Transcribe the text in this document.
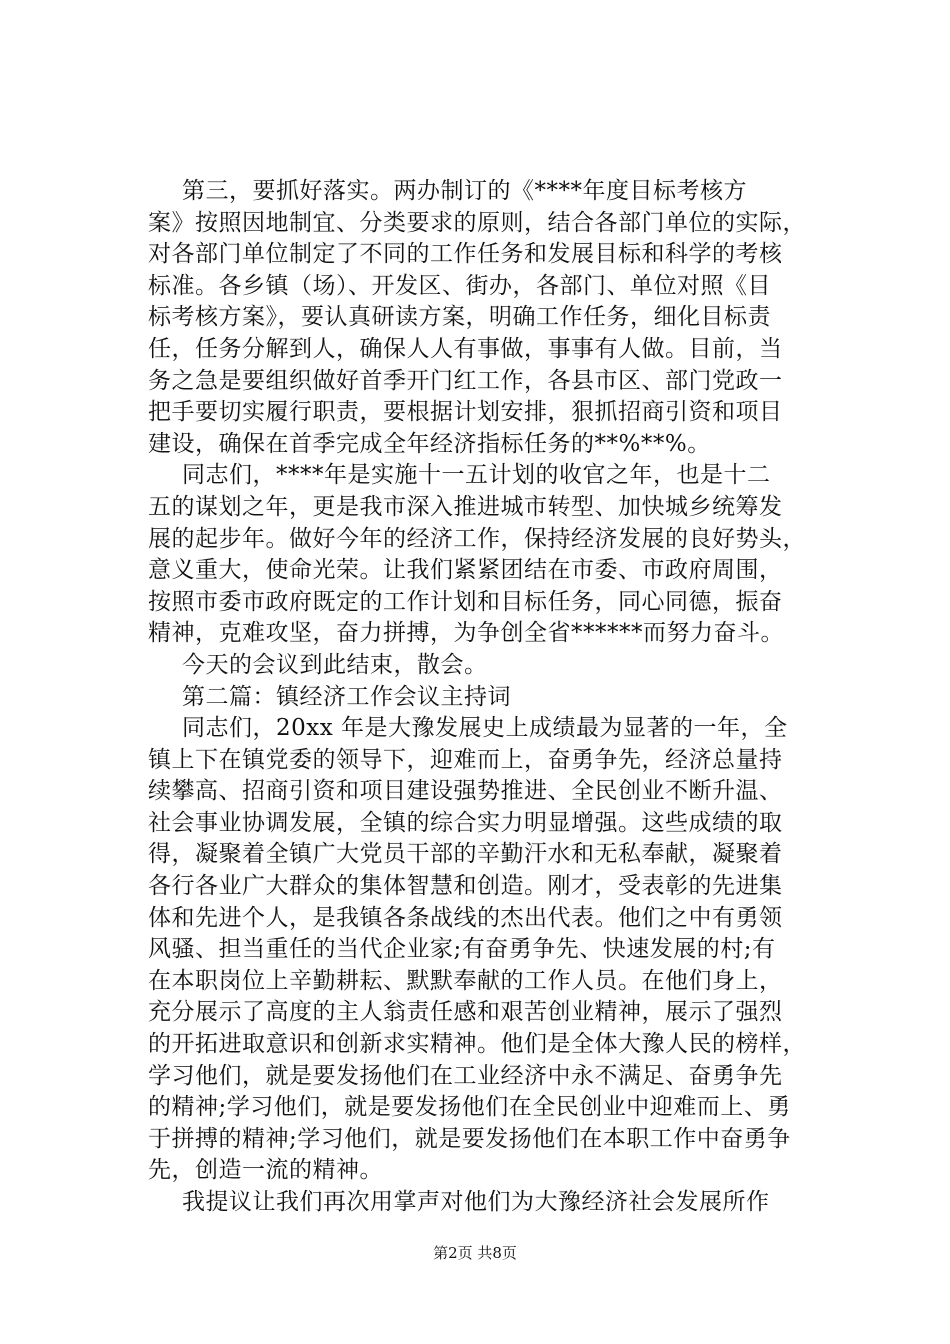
第三，要抓好落实。两办制订的《****年度目标考核方
案》按照因地制宜、分类要求的原则，结合各部门单位的实际，
对各部门单位制定了不同的工作任务和发展目标和科学的考核
标准。各乡镇（场）、开发区、街办，各部门、单位对照《目
标考核方案》，要认真研读方案，明确工作任务，细化目标责
任，任务分解到人，确保人人有事做，事事有人做。目前，当
务之急是要组织做好首季开门红工作，各县市区、部门党政一
把手要切实履行职责，要根据计划安排，狠抓招商引资和项目
建设，确保在首季完成全年经济指标任务的**%**%。
同志们，****年是实施十一五计划的收官之年，也是十二
五的谋划之年，更是我市深入推进城市转型、加快城乡统筹发
展的起步年。做好今年的经济工作，保持经济发展的良好势头，
意义重大，使命光荣。让我们紧紧团结在市委、市政府周围，
按照市委市政府既定的工作计划和目标任务，同心同德，振奋
精神，克难攻坚，奋力拼搏，为争创全省******而努力奋斗。
今天的会议到此结束，散会。
第二篇：镇经济工作会议主持词
同志们，20xx 年是大豫发展史上成绩最为显著的一年，全
镇上下在镇党委的领导下，迎难而上，奋勇争先，经济总量持
续攀高、招商引资和项目建设强势推进、全民创业不断升温、
社会事业协调发展，全镇的综合实力明显增强。这些成绩的取
得，凝聚着全镇广大党员干部的辛勤汗水和无私奉献，凝聚着
各行各业广大群众的集体智慧和创造。刚才，受表彰的先进集
体和先进个人，是我镇各条战线的杰出代表。他们之中有勇领
风骚、担当重任的当代企业家;有奋勇争先、快速发展的村;有
在本职岗位上辛勤耕耘、默默奉献的工作人员。在他们身上，
充分展示了高度的主人翁责任感和艰苦创业精神，展示了强烈
的开拓进取意识和创新求实精神。他们是全体大豫人民的榜样，
学习他们，就是要发扬他们在工业经济中永不满足、奋勇争先
的精神;学习他们，就是要发扬他们在全民创业中迎难而上、勇
于拼搏的精神;学习他们，就是要发扬他们在本职工作中奋勇争
先，创造一流的精神。
我提议让我们再次用掌声对他们为大豫经济社会发展所作
第2页 共8页
